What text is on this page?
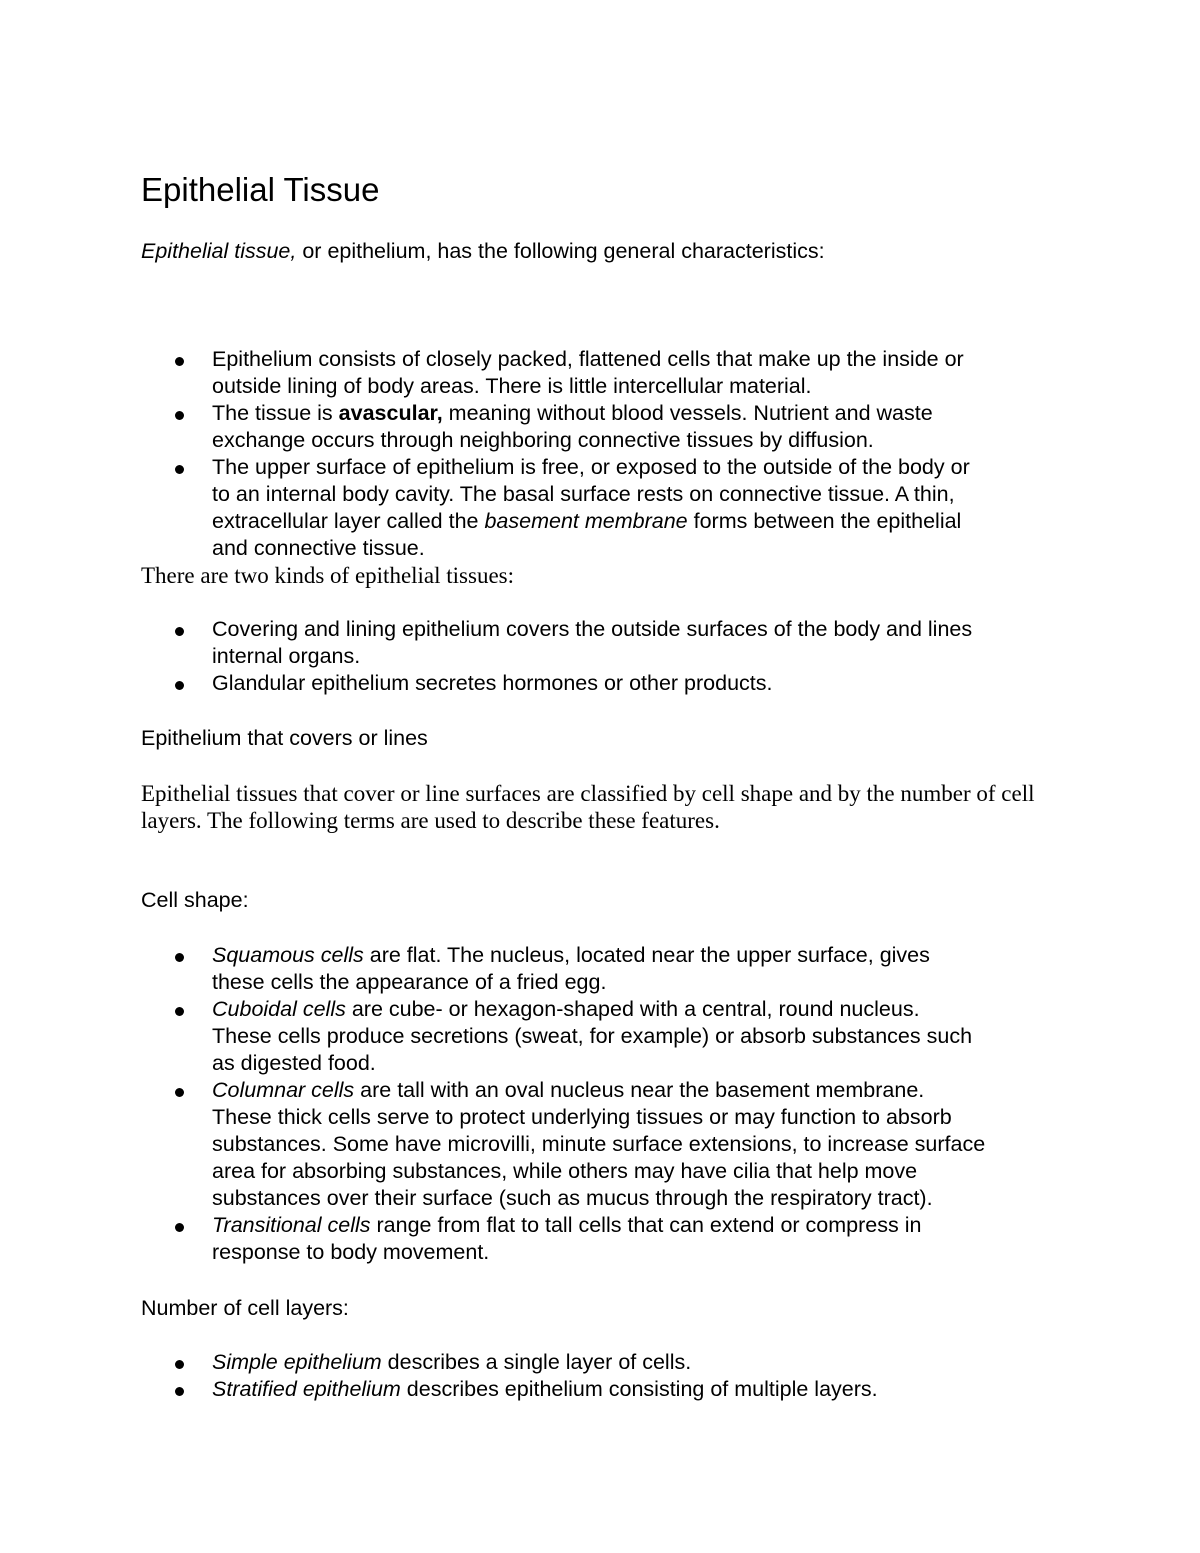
Epithelial Tissue

Epithelial tissue, or epithelium, has the following general characteristics:

Epithelium consists of closely packed, flattened cells that make up the inside or
outside lining of body areas. There is little intercellular material.
The tissue is avascular, meaning without blood vessels. Nutrient and waste
exchange occurs through neighboring connective tissues by diffusion.
The upper surface of epithelium is free, or exposed to the outside of the body or
to an internal body cavity. The basal surface rests on connective tissue. A thin,
extracellular layer called the basement membrane forms between the epithelial
and connective tissue.

There are two kinds of epithelial tissues:

Covering and lining epithelium covers the outside surfaces of the body and lines
internal organs.
Glandular epithelium secretes hormones or other products.

Epithelium that covers or lines

Epithelial tissues that cover or line surfaces are classified by cell shape and by the number of cell
layers. The following terms are used to describe these features.

Cell shape:

Squamous cells are flat. The nucleus, located near the upper surface, gives
these cells the appearance of a fried egg.
Cuboidal cells are cube- or hexagon-shaped with a central, round nucleus.
These cells produce secretions (sweat, for example) or absorb substances such
as digested food.
Columnar cells are tall with an oval nucleus near the basement membrane.
These thick cells serve to protect underlying tissues or may function to absorb
substances. Some have microvilli, minute surface extensions, to increase surface
area for absorbing substances, while others may have cilia that help move
substances over their surface (such as mucus through the respiratory tract).
Transitional cells range from flat to tall cells that can extend or compress in
response to body movement.

Number of cell layers:

Simple epithelium describes a single layer of cells.
Stratified epithelium describes epithelium consisting of multiple layers.
